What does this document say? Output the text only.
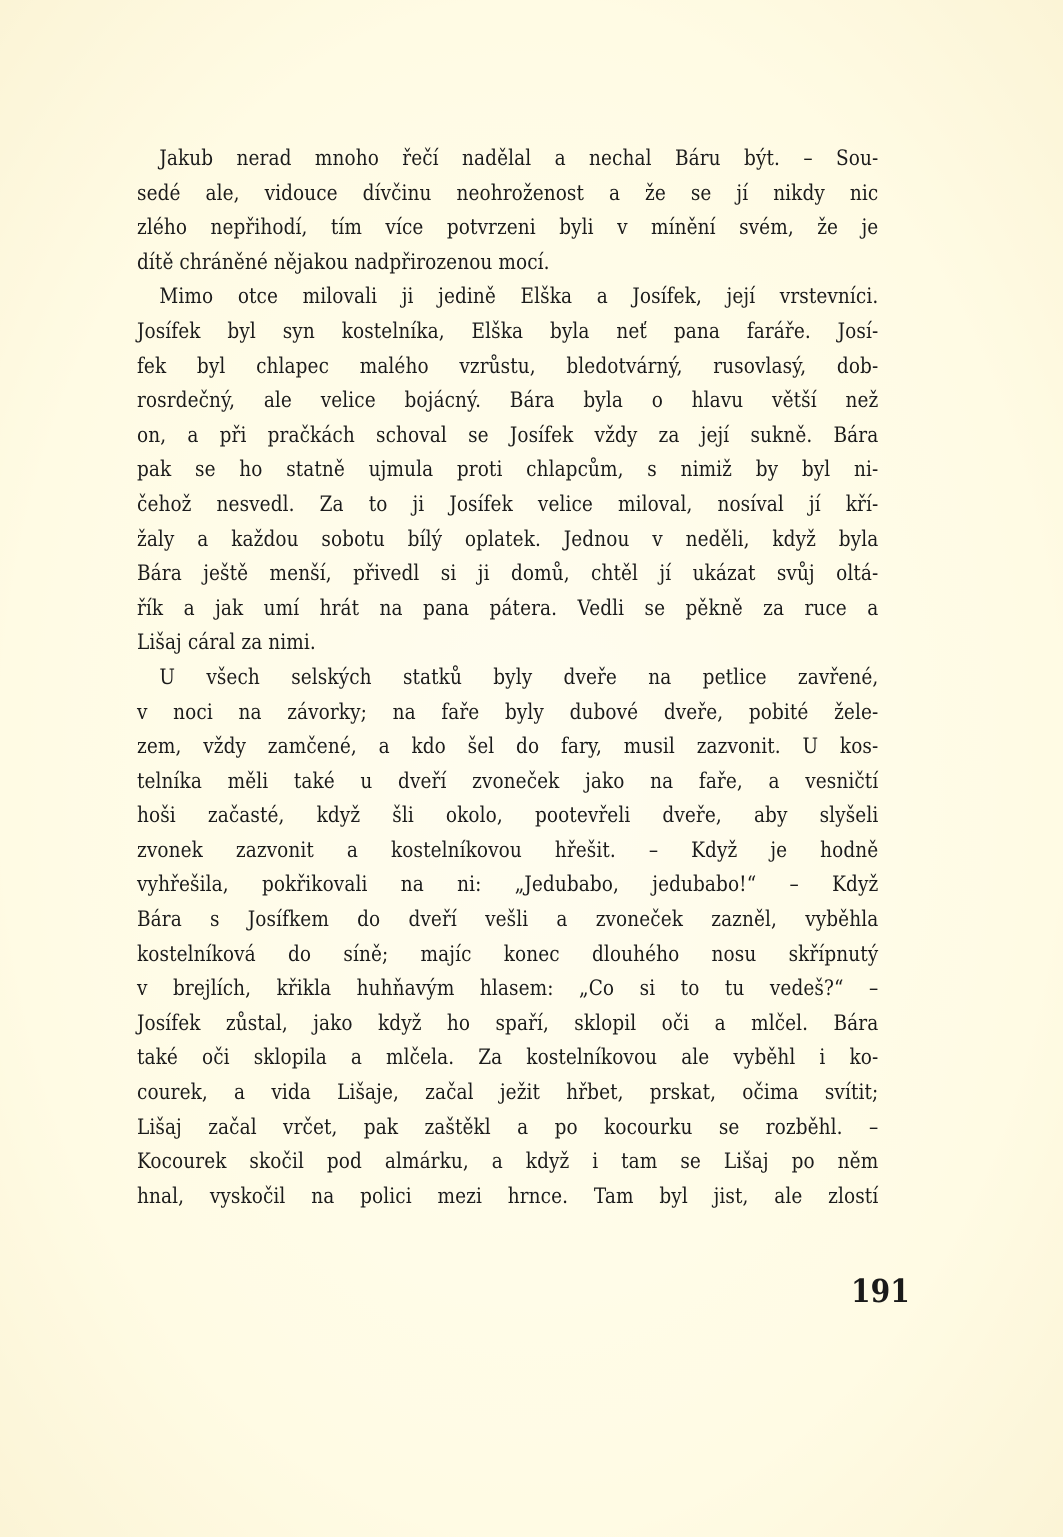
Jakub nerad mnoho řečí nadělal a nechal Báru být. – Sou-
sedé ale, vidouce dívčinu neohroženost a že se jí nikdy nic
zlého nepřihodí, tím více potvrzeni byli v mínění svém, že je
dítě chráněné nějakou nadpřirozenou mocí.
Mimo otce milovali ji jedině Elška a Josífek, její vrstevníci.
Josífek byl syn kostelníka, Elška byla neť pana faráře. Josí-
fek byl chlapec malého vzrůstu, bledotvárný, rusovlasý, dob-
rosrdečný, ale velice bojácný. Bára byla o hlavu větší než
on, a při pračkách schoval se Josífek vždy za její sukně. Bára
pak se ho statně ujmula proti chlapcům, s nimiž by byl ni-
čehož nesvedl. Za to ji Josífek velice miloval, nosíval jí kří-
žaly a každou sobotu bílý oplatek. Jednou v neděli, když byla
Bára ještě menší, přivedl si ji domů, chtěl jí ukázat svůj oltá-
řík a jak umí hrát na pana pátera. Vedli se pěkně za ruce a
Lišaj cáral za nimi.
U všech selských statků byly dveře na petlice zavřené,
v noci na závorky; na faře byly dubové dveře, pobité žele-
zem, vždy zamčené, a kdo šel do fary, musil zazvonit. U kos-
telníka měli také u dveří zvoneček jako na faře, a vesničtí
hoši začasté, když šli okolo, pootevřeli dveře, aby slyšeli
zvonek zazvonit a kostelníkovou hřešit. – Když je hodně
vyhřešila, pokřikovali na ni: „Jedubabo, jedubabo!“ – Když
Bára s Josífkem do dveří vešli a zvoneček zazněl, vyběhla
kostelníková do síně; majíc konec dlouhého nosu skřípnutý
v brejlích, křikla huhňavým hlasem: „Co si to tu vedeš?“ –
Josífek zůstal, jako když ho spaří, sklopil oči a mlčel. Bára
také oči sklopila a mlčela. Za kostelníkovou ale vyběhl i ko-
courek, a vida Lišaje, začal ježit hřbet, prskat, očima svítit;
Lišaj začal vrčet, pak zaštěkl a po kocourku se rozběhl. –
Kocourek skočil pod almárku, a když i tam se Lišaj po něm
hnal, vyskočil na polici mezi hrnce. Tam byl jist, ale zlostí
191
